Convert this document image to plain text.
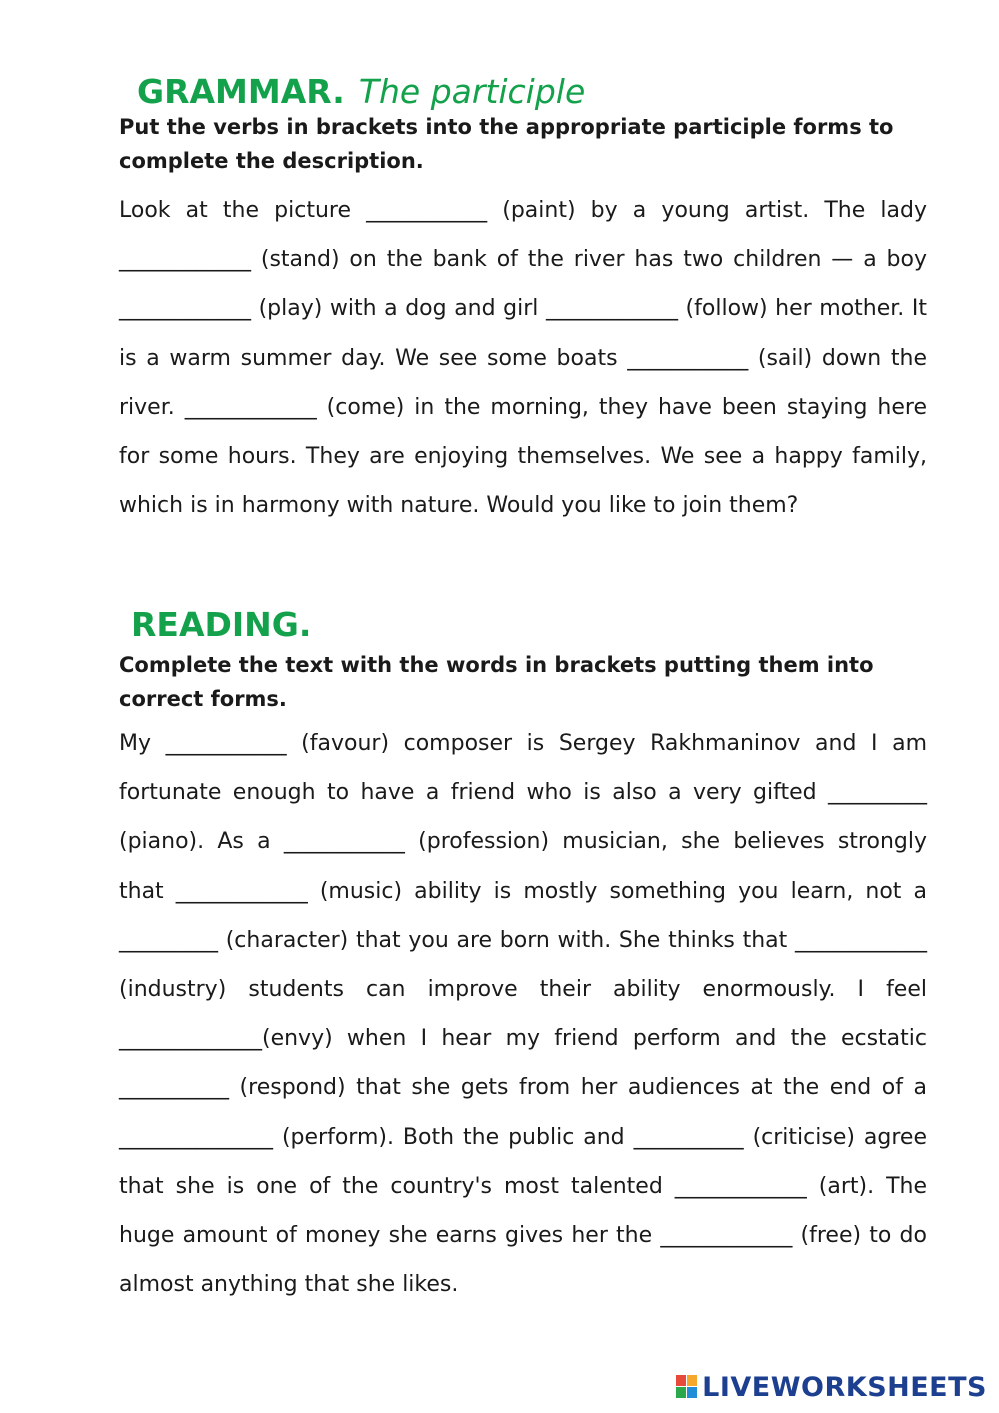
GRAMMAR. The participle
Put the verbs in brackets into the appropriate participle forms to complete the description.
Look at the picture ___________ (paint) by a young artist. The lady ____________ (stand) on the bank of the river has two children — a boy ____________ (play) with a dog and girl ____________ (follow) her mother. It is a warm summer day. We see some boats ___________ (sail) down the river. ____________ (come) in the morning, they have been staying here for some hours. They are enjoying themselves. We see a happy family, which is in harmony with nature. Would you like to join them?
READING.
Complete the text with the words in brackets putting them into correct forms.
My ___________ (favour) composer is Sergey Rakhmaninov and I am fortunate enough to have a friend who is also a very gifted _________ (piano). As a ___________ (profession) musician, she believes strongly that ____________ (music) ability is mostly something you learn, not a _________ (character) that you are born with. She thinks that ____________ (industry) students can improve their ability enormously. I feel _____________(envy) when I hear my friend perform and the ecstatic __________ (respond) that she gets from her audiences at the end of a ______________ (perform). Both the public and __________ (criticise) agree that she is one of the country's most talented ____________ (art). The huge amount of money she earns gives her the ____________ (free) to do almost anything that she likes.
LIVEWORKSHEETS
